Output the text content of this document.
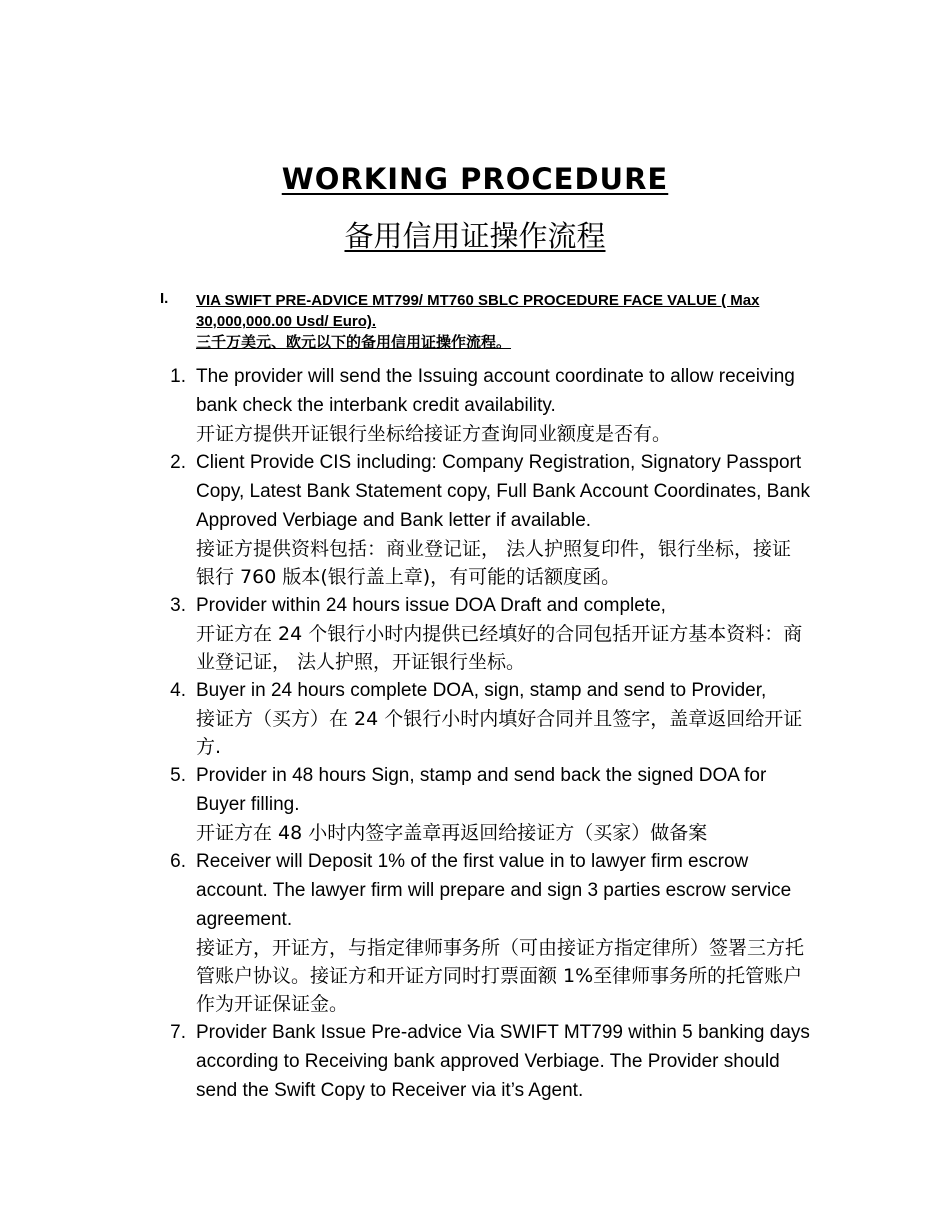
WORKING PROCEDURE
备用信用证操作流程
I. VIA SWIFT PRE-ADVICE MT799/ MT760 SBLC PROCEDURE FACE VALUE ( Max
30,000,000.00 Usd/ Euro).
三千万美元、欧元以下的备用信用证操作流程。
1. The provider will send the Issuing account coordinate to allow receiving bank check the interbank credit availability.
开证方提供开证银行坐标给接证方查询同业额度是否有。
2. Client Provide CIS including: Company Registration, Signatory Passport Copy, Latest Bank Statement copy, Full Bank Account Coordinates, Bank Approved Verbiage and Bank letter if available.
接证方提供资料包括：商业登记证， 法人护照复印件，银行坐标，接证银行 760 版本(银行盖上章)，有可能的话额度函。
3. Provider within 24 hours issue DOA Draft and complete,
开证方在 24 个银行小时内提供已经填好的合同包括开证方基本资料：商业登记证， 法人护照，开证银行坐标。
4. Buyer in 24 hours complete DOA, sign, stamp and send to Provider,
接证方（买方）在 24 个银行小时内填好合同并且签字，盖章返回给开证方.
5. Provider in 48 hours Sign, stamp and send back the signed DOA for Buyer filling.
开证方在 48 小时内签字盖章再返回给接证方（买家）做备案
6. Receiver will Deposit 1% of the first value in to lawyer firm escrow account. The lawyer firm will prepare and sign 3 parties escrow service agreement.
接证方，开证方，与指定律师事务所（可由接证方指定律所）签署三方托管账户协议。接证方和开证方同时打票面额 1%至律师事务所的托管账户作为开证保证金。
7. Provider Bank Issue Pre-advice Via SWIFT MT799 within 5 banking days according to Receiving bank approved Verbiage. The Provider should send the Swift Copy to Receiver via it’s Agent.
